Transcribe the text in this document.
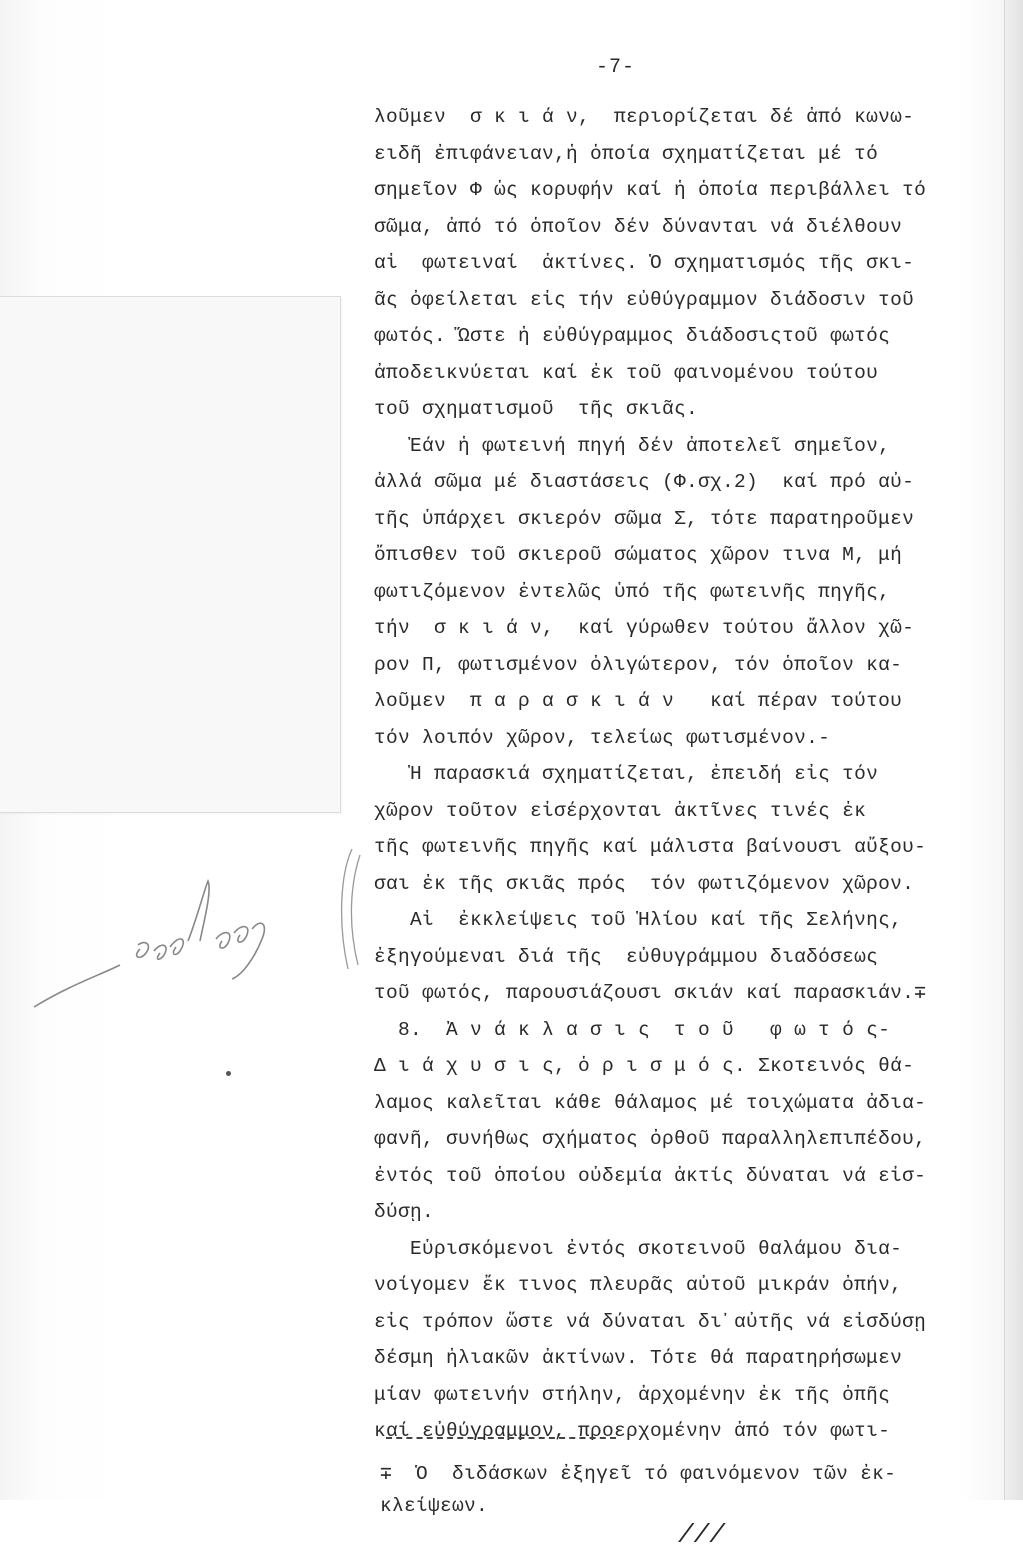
-7-
λοῦμεν  σ κ ι ά ν,  περιορίζεται δέ ἀπό κωνω-
ειδῆ ἐπιφάνειαν,ἡ ὁποία σχηματίζεται μέ τό
σημεῖον Φ ὡς κορυφήν καί ἡ ὁποία περιβάλλει τό
σῶμα, ἀπό τό ὁποῖον δέν δύνανται νά διέλθουν
αἱ  φωτειναί  ἀκτίνες. Ὁ σχηματισμός τῆς σκι-
ᾶς ὀφείλεται εἰς τήν εὐθύγραμμον διάδοσιν τοῦ
φωτός. Ὥστε ἡ εὐθύγραμμος διάδοσιςτοῦ φωτός
ἀποδεικνύεται καί ἐκ τοῦ φαινομένου τούτου
τοῦ σχηματισμοῦ  τῆς σκιᾶς.
Ἐάν ἡ φωτεινή πηγή δέν ἀποτελεῖ σημεῖον,
ἀλλά σῶμα μέ διαστάσεις (Φ.σχ.2)  καί πρό αὐ-
τῆς ὑπάρχει σκιερόν σῶμα Σ, τότε παρατηροῦμεν
ὄπισθεν τοῦ σκιεροῦ σώματος χῶρον τινα Μ, μή
φωτιζόμενον ἐντελῶς ὑπό τῆς φωτεινῆς πηγῆς,
τήν  σ κ ι ά ν,  καί γύρωθεν τούτου ἄλλον χῶ-
ρον Π, φωτισμένον ὀλιγώτερον, τόν ὁποῖον κα-
λοῦμεν  π α ρ α σ κ ι ά ν   καί πέραν τούτου
τόν λοιπόν χῶρον, τελείως φωτισμένον.-
Ἡ παρασκιά σχηματίζεται, ἐπειδή εἰς τόν
χῶρον τοῦτον εἰσέρχονται ἀκτῖνες τινές ἐκ
τῆς φωτεινῆς πηγῆς καί μάλιστα βαίνουσι αὔξου-
σαι ἐκ τῆς σκιᾶς πρός  τόν φωτιζόμενον χῶρον.
Αἱ  ἐκκλείψεις τοῦ Ἡλίου καί τῆς Σελήνης,
ἐξηγούμεναι διά τῆς  εὐθυγράμμου διαδόσεως
τοῦ φωτός, παρουσιάζουσι σκιάν καί παρασκιάν.∓
8.  Ἀ ν ά κ λ α σ ι ς  τ ο ῦ   φ ω τ ό ς-
Δ ι ά χ υ σ ι ς, ὁ ρ ι σ μ ό ς. Σκοτεινός θά-
λαμος καλεῖται κάθε θάλαμος μέ τοιχώματα ἀδια-
φανῆ, συνήθως σχήματος ὀρθοῦ παραλληλεπιπέδου,
ἐντός τοῦ ὁποίου οὐδεμία ἀκτίς δύναται νά εἰσ-
δύσῃ.
Εὑρισκόμενοι ἐντός σκοτεινοῦ θαλάμου δια-
νοίγομεν ἔκ τινος πλευρᾶς αὐτοῦ μικράν ὀπήν,
εἰς τρόπον ὥστε νά δύναται δι᾽αὐτῆς νά εἰσδύσῃ
δέσμη ἡλιακῶν ἀκτίνων. Τότε θά παρατηρήσωμεν
μίαν φωτεινήν στήλην, ἀρχομένην ἐκ τῆς ὀπῆς
καί εὐθύγραμμον, προερχομένην ἀπό τόν φωτι-
∓  Ὁ  διδάσκων ἐξηγεῖ τό φαινόμενον τῶν ἐκ-
κλείψεων.
///
